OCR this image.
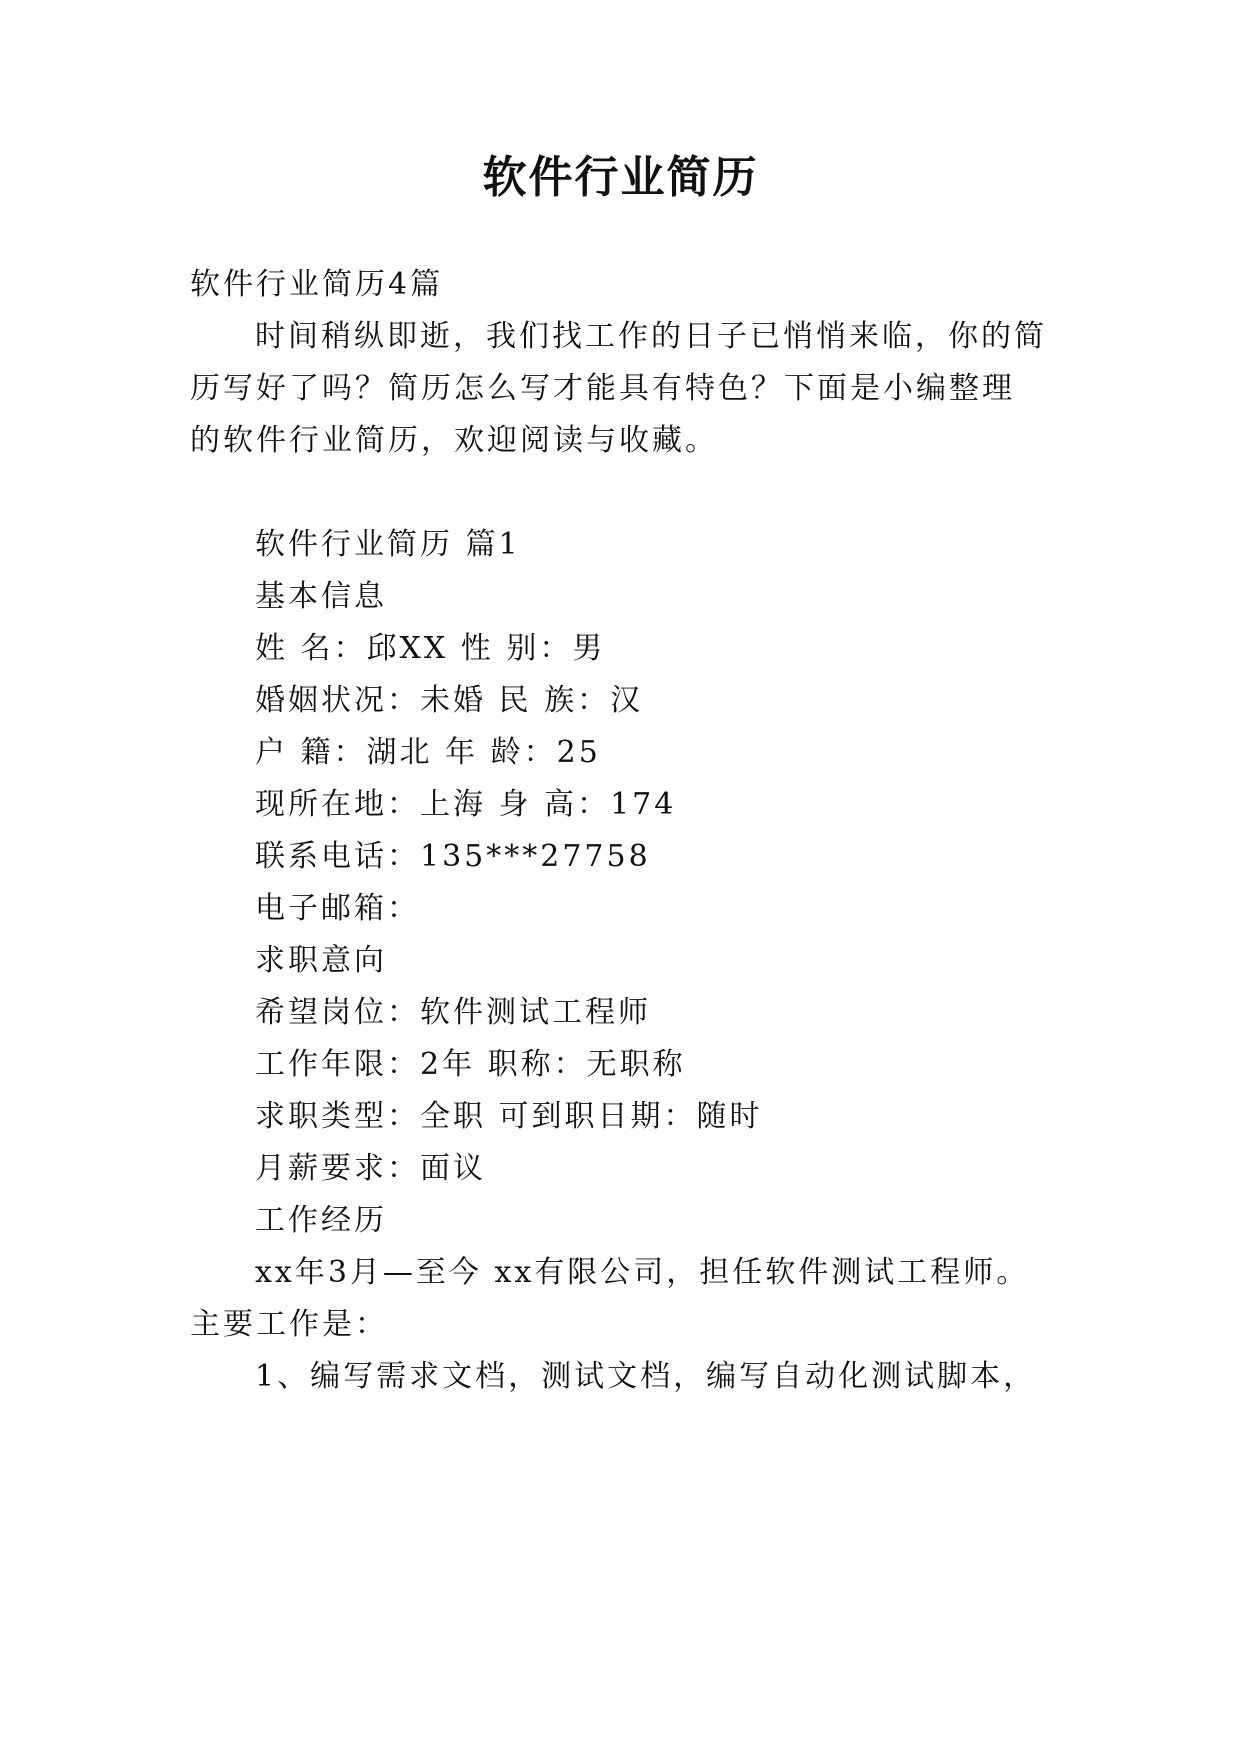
软件行业简历
软件行业简历4篇
时间稍纵即逝，我们找工作的日子已悄悄来临，你的简
历写好了吗？简历怎么写才能具有特色？下面是小编整理
的软件行业简历，欢迎阅读与收藏。
软件行业简历 篇1
基本信息
姓 名：邱XX 性 别：男
婚姻状况：未婚 民 族：汉
户 籍：湖北 年 龄：25
现所在地：上海 身 高：174
联系电话：135***27758
电子邮箱：
求职意向
希望岗位：软件测试工程师
工作年限：2年 职称：无职称
求职类型：全职 可到职日期：随时
月薪要求：面议
工作经历
xx年3月—至今 xx有限公司，担任软件测试工程师。
主要工作是：
1、编写需求文档，测试文档，编写自动化测试脚本，
